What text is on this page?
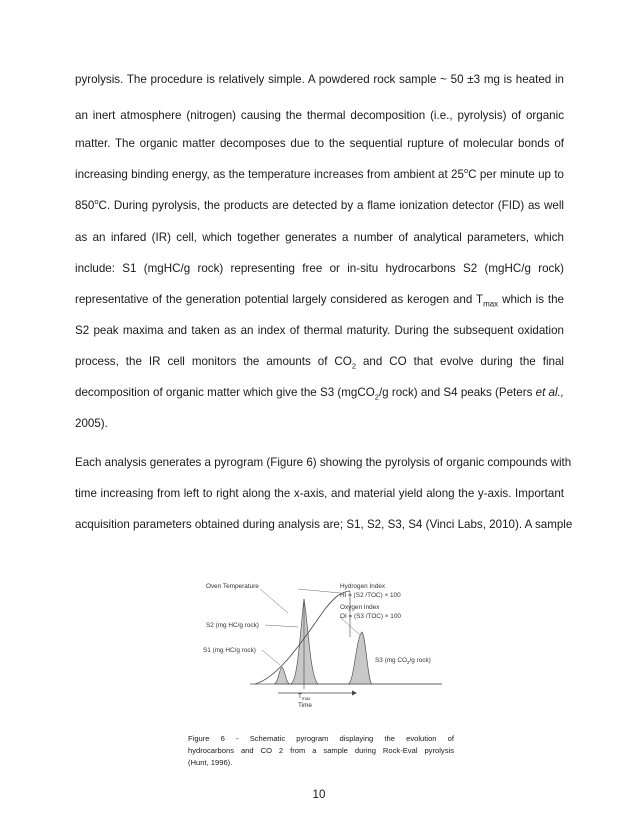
pyrolysis. The procedure is relatively simple. A powdered rock sample ~ 50 ±3 mg is heated in
an inert atmosphere (nitrogen) causing the thermal decomposition (i.e., pyrolysis) of organic
matter. The organic matter decomposes due to the sequential rupture of molecular bonds of
increasing binding energy, as the temperature increases from ambient at 25$^o$C per minute up to
850$^o$C. During pyrolysis, the products are detected by a flame ionization detector (FID) as well
as an infared (IR) cell, which together generates a number of analytical parameters, which
include: S1 (mgHC/g rock) representing free or in-situ hydrocarbons S2 (mgHC/g rock)
representative of the generation potential largely considered as kerogen and $T_{max}$ which is the
S2 peak maxima and taken as an index of thermal maturity. During the subsequent oxidation
process, the IR cell monitors the amounts of $CO_2$ and CO that evolve during the final
decomposition of organic matter which give the S3 (mgCO$_2$/g rock) and S4 peaks (Peters et al.,
2005).
Each analysis generates a pyrogram (Figure 6) showing the pyrolysis of organic compounds with
time increasing from left to right along the x-axis, and material yield along the y-axis. Important
acquisition parameters obtained during analysis are; S1, S2, S3, S4 (Vinci Labs, 2010). A sample
Oven Temperature
S2 (mg HC/g rock)
S1 (mg HC/g rock)
Hydrogen Index
HI = (S2 /TOC) × 100
Oxygen Index
OI = (S3 /TOC) × 100
S3 (mg $CO_2/g$ rock)
$T_{max}$
Time
Figure 6 - Schematic pyrogram displaying the evolution of
hydrocarbons and CO 2 from a sample during Rock-Eval pyrolysis
(Hunt, 1996).
10
